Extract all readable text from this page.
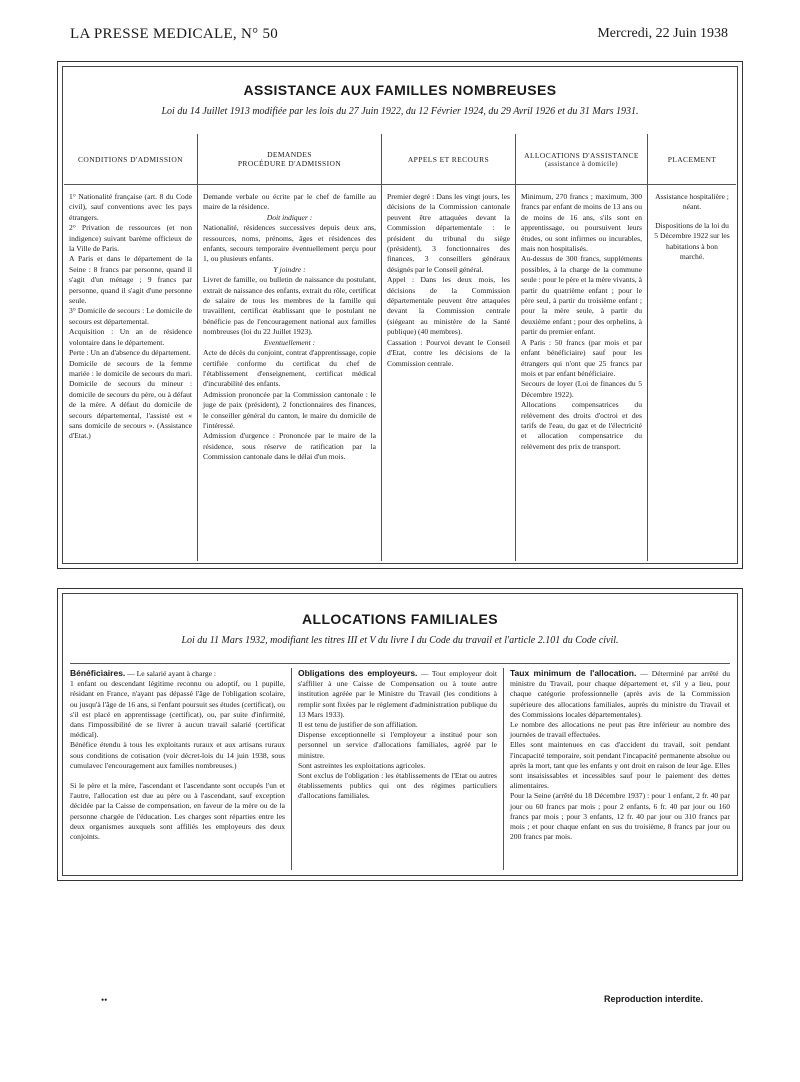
LA PRESSE MEDICALE, N° 50	Mercredi, 22 Juin 1938
ASSISTANCE AUX FAMILLES NOMBREUSES
Loi du 14 Juillet 1913 modifiée par les lois du 27 Juin 1922, du 12 Février 1924, du 29 Avril 1926 et du 31 Mars 1931.
CONDITIONS D'ADMISSION

1° Nationalité française (art. 8 du Code civil), sauf conventions avec les pays étrangers.

2° Privation de ressources (et non indigence) suivant barème officieux de la Ville de Paris.

A Paris et dans le département de la Seine : 8 francs par personne, quand il s'agit d'un ménage ; 9 francs par personne, quand il s'agit d'une personne seule.

3° Domicile de secours : Le domicile de secours est départemental.

Acquisition : Un an de résidence volontaire dans le département.

Perte : Un an d'absence du département.

Domicile de secours de la femme mariée : le domicile de secours du mari. Domicile de secours du mineur : domicile de secours du père, ou à défaut de la mère. A défaut du domicile de secours départemental, l'assisté est « sans domicile de secours ». (Assistance d'Etat.)

DEMANDES
PROCÉDURE D'ADMISSION

Demande verbale ou écrite par le chef de famille au maire de la résidence.

Doit indiquer :

Nationalité, résidences successives depuis deux ans, ressources, noms, prénoms, âges et résidences des enfants, secours temporaire éventuellement perçu pour 1, ou plusieurs enfants.

Y joindre :

Livret de famille, ou bulletin de naissance du postulant, extrait de naissance des enfants, extrait du rôle, certificat de salaire de tous les membres de la famille qui travaillent, certificat établissant que le postulant ne bénéficie pas de l'encouragement national aux familles nombreuses (loi du 22 Juillet 1923).

Eventuellement :

Acte de décès du conjoint, contrat d'apprentissage, copie certifiée conforme du certificat du chef de l'établissement d'enseignement, certificat médical d'incurabilité des enfants.

Admission prononcée par la Commission cantonale : le juge de paix (président), 2 fonctionnaires des finances, le conseiller général du canton, le maire du domicile de l'intéressé.

Admission d'urgence : Prononcée par le maire de la résidence, sous réserve de ratification par la Commission cantonale dans le délai d'un mois.

APPELS ET RECOURS

Premier degré : Dans les vingt jours, les décisions de la Commission cantonale peuvent être attaquées devant la Commission départementale : le président du tribunal du siège (président), 3 fonctionnaires des finances, 3 conseillers généraux désignés par le Conseil général.

Appel : Dans les deux mois, les décisions de la Commission départementale peuvent être attaquées devant la Commission centrale (siégeant au ministère de la Santé publique) (40 membres).

Cassation : Pourvoi devant le Conseil d'Etat, contre les décisions de la Commission centrale.

ALLOCATIONS D'ASSISTANCE
(assistance à domicile)

Minimum, 270 francs ; maximum, 300 francs par enfant de moins de 13 ans ou de moins de 16 ans, s'ils sont en apprentissage, ou poursuivent leurs études, ou sont infirmes ou incurables, mais non hospitalisés.

Au-dessus de 300 francs, suppléments possibles, à la charge de la commune seule : pour le père et la mère vivants, à partir du quatrième enfant ; pour le père seul, à partir du troisième enfant ; pour la mère seule, à partir du deuxième enfant ; pour des orphelins, à partir du premier enfant.

A Paris : 50 francs (par mois et par enfant bénéficiaire) sauf pour les étrangers qui n'ont que 25 francs par mois et par enfant bénéficiaire.

Secours de loyer (Loi de finances du 5 Décembre 1922).

Allocations compensatrices du relèvement des droits d'octroi et des tarifs de l'eau, du gaz et de l'électricité et allocation compensatrice du relèvement des prix de transport.

PLACEMENT

Assistance hospitalière ; néant.

Dispositions de la loi du 5 Décembre 1922 sur les habitations à bon marché.

ALLOCATIONS FAMILIALES
Loi du 11 Mars 1932, modifiant les titres III et V du livre I du Code du travail et l'article 2.101 du Code civil.

Bénéficiaires. — Le salarié ayant à charge :

1 enfant ou descendant légitime reconnu ou adoptif, ou 1 pupille, résidant en France, n'ayant pas dépassé l'âge de l'obligation scolaire, ou jusqu'à l'âge de 16 ans, si l'enfant poursuit ses études (certificat), ou s'il est placé en apprentissage (certificat), ou, par suite d'infirmité, dans l'impossibilité de se livrer à aucun travail salarié (certificat médical).

Bénéfice étendu à tous les exploitants ruraux et aux artisans ruraux sous conditions de cotisation (voir décret-lois du 14 juin 1938, sous cumulavec l'encouragement aux familles nombreuses.)

Si le père et la mère, l'ascendant et l'ascendante sont occupés l'un et l'autre, l'allocation est due au père ou à l'ascendant, sauf exception décidée par la Caisse de compensation, en faveur de la mère ou de la personne chargée de l'éducation. Les charges sont réparties entre les deux organismes auxquels sont affiliés les employeurs des deux conjoints.

Obligations des employeurs. — Tout employeur doit s'affilier à une Caisse de Compensation ou à toute autre institution agréée par le Ministre du Travail (les conditions à remplir sont fixées par le règlement d'administration publique du 13 Mars 1933).

Il est tenu de justifier de son affiliation.

Dispense exceptionnelle si l'employeur a institué pour son personnel un service d'allocations familiales, agréé par le ministre.

Sont astreintes les exploitations agricoles.

Sont exclus de l'obligation : les établissements de l'Etat ou autres établissements publics qui ont des régimes particuliers d'allocations familiales.

Taux minimum de l'allocation. — Déterminé par arrêté du ministre du Travail, pour chaque département et, s'il y a lieu, pour chaque catégorie professionnelle (après avis de la Commission supérieure des allocations familiales, auprès du ministre du Travail et des Commissions locales départementales).

Le nombre des allocations ne peut pas être inférieur au nombre des journées de travail effectuées.

Elles sont maintenues en cas d'accident du travail, soit pendant l'incapacité temporaire, soit pendant l'incapacité permanente absolue ou après la mort, tant que les enfants y ont droit en raison de leur âge. Elles sont insaisissables et incessibles sauf pour le paiement des dettes alimentaires.

Pour la Seine (arrêté du 18 Décembre 1937) : pour 1 enfant, 2 fr. 40 par jour ou 60 francs par mois ; pour 2 enfants, 6 fr. 40 par jour ou 160 francs par mois ; pour 3 enfants, 12 fr. 40 par jour ou 310 francs par mois ; et pour chaque enfant en sus du troisième, 8 francs par jour ou 200 francs par mois.

••	Reproduction interdite.
